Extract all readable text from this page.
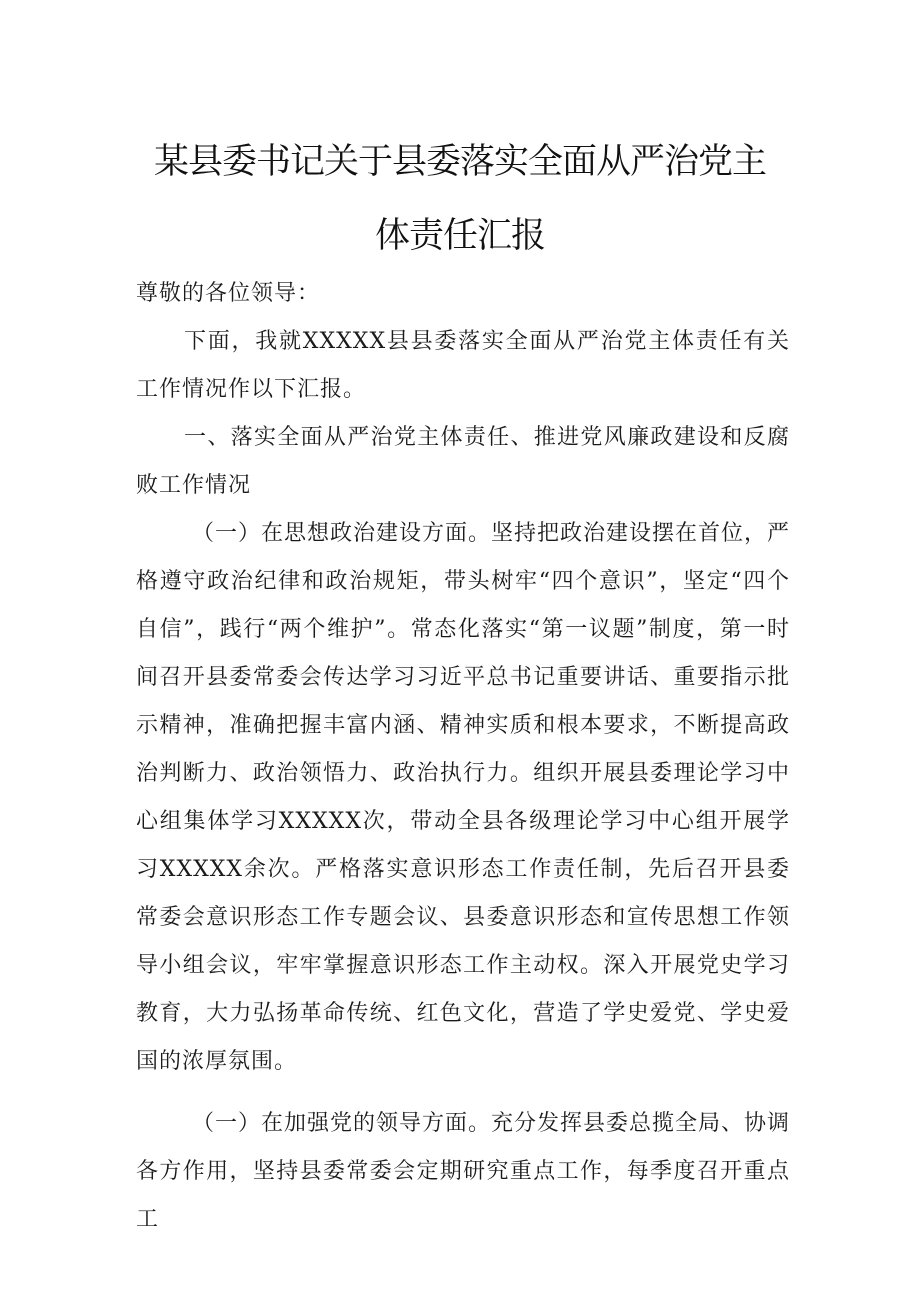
某县委书记关于县委落实全面从严治党主
体责任汇报

尊敬的各位领导：

下面，我就XXXXX县县委落实全面从严治党主体责任有关工作情况作以下汇报。

一、落实全面从严治党主体责任、推进党风廉政建设和反腐败工作情况

（一）在思想政治建设方面。坚持把政治建设摆在首位，严格遵守政治纪律和政治规矩，带头树牢“四个意识”，坚定“四个自信”，践行“两个维护”。常态化落实“第一议题”制度，第一时间召开县委常委会传达学习习近平总书记重要讲话、重要指示批示精神，准确把握丰富内涵、精神实质和根本要求，不断提高政治判断力、政治领悟力、政治执行力。组织开展县委理论学习中心组集体学习XXXXX次，带动全县各级理论学习中心组开展学习XXXXX余次。严格落实意识形态工作责任制，先后召开县委常委会意识形态工作专题会议、县委意识形态和宣传思想工作领导小组会议，牢牢掌握意识形态工作主动权。深入开展党史学习教育，大力弘扬革命传统、红色文化，营造了学史爱党、学史爱国的浓厚氛围。

（一）在加强党的领导方面。充分发挥县委总揽全局、协调各方作用，坚持县委常委会定期研究重点工作，每季度召开重点工
